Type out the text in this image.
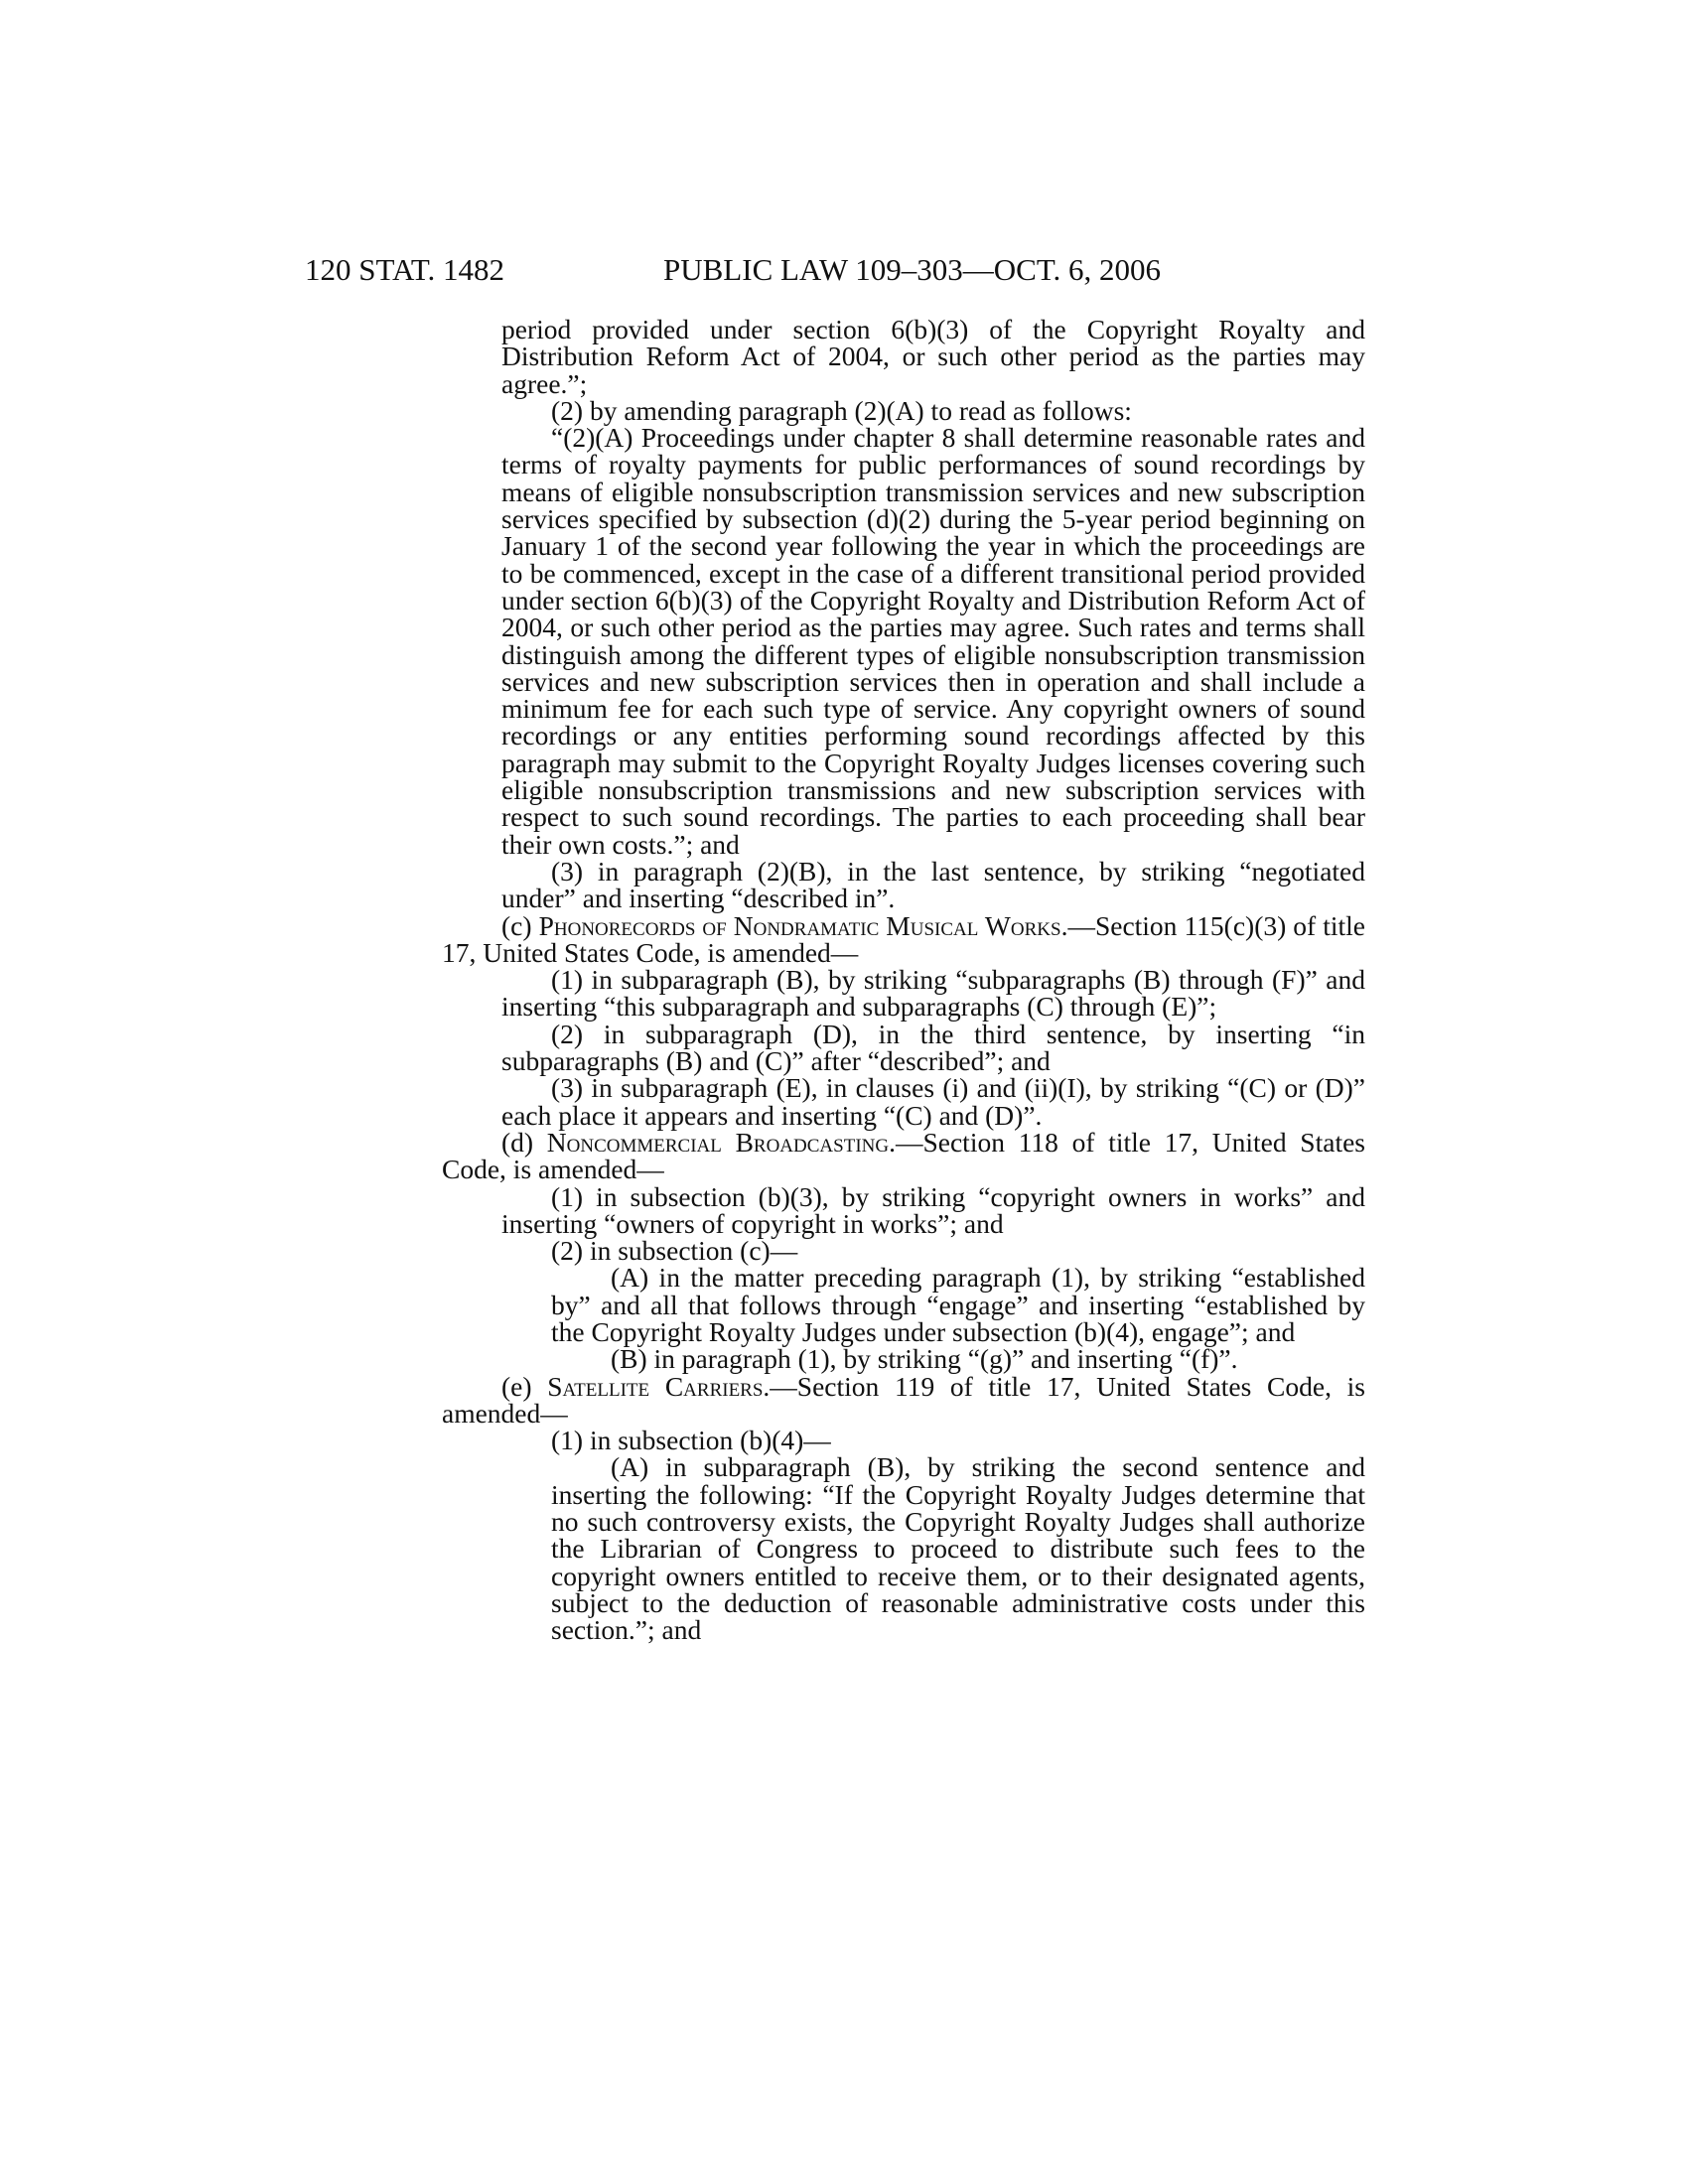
120 STAT. 1482	PUBLIC LAW 109–303—OCT. 6, 2006

period provided under section 6(b)(3) of the Copyright Royalty and Distribution Reform Act of 2004, or such other period as the parties may agree.”;

(2) by amending paragraph (2)(A) to read as follows:

“(2)(A) Proceedings under chapter 8 shall determine reasonable rates and terms of royalty payments for public performances of sound recordings by means of eligible nonsubscription transmission services and new subscription services specified by subsection (d)(2) during the 5-year period beginning on January 1 of the second year following the year in which the proceedings are to be commenced, except in the case of a different transitional period provided under section 6(b)(3) of the Copyright Royalty and Distribution Reform Act of 2004, or such other period as the parties may agree. Such rates and terms shall distinguish among the different types of eligible nonsubscription transmission services and new subscription services then in operation and shall include a minimum fee for each such type of service. Any copyright owners of sound recordings or any entities performing sound recordings affected by this paragraph may submit to the Copyright Royalty Judges licenses covering such eligible nonsubscription transmissions and new subscription services with respect to such sound recordings. The parties to each proceeding shall bear their own costs.”; and

(3) in paragraph (2)(B), in the last sentence, by striking “negotiated under” and inserting “described in”.

(c) Phonorecords of Nondramatic Musical Works.—Section 115(c)(3) of title 17, United States Code, is amended—

(1) in subparagraph (B), by striking “subparagraphs (B) through (F)” and inserting “this subparagraph and subparagraphs (C) through (E)”;

(2) in subparagraph (D), in the third sentence, by inserting “in subparagraphs (B) and (C)” after “described”; and

(3) in subparagraph (E), in clauses (i) and (ii)(I), by striking “(C) or (D)” each place it appears and inserting “(C) and (D)”.

(d) Noncommercial Broadcasting.—Section 118 of title 17, United States Code, is amended—

(1) in subsection (b)(3), by striking “copyright owners in works” and inserting “owners of copyright in works”; and

(2) in subsection (c)—

(A) in the matter preceding paragraph (1), by striking “established by” and all that follows through “engage” and inserting “established by the Copyright Royalty Judges under subsection (b)(4), engage”; and

(B) in paragraph (1), by striking “(g)” and inserting “(f)”.

(e) Satellite Carriers.—Section 119 of title 17, United States Code, is amended—

(1) in subsection (b)(4)—

(A) in subparagraph (B), by striking the second sentence and inserting the following: “If the Copyright Royalty Judges determine that no such controversy exists, the Copyright Royalty Judges shall authorize the Librarian of Congress to proceed to distribute such fees to the copyright owners entitled to receive them, or to their designated agents, subject to the deduction of reasonable administrative costs under this section.”; and
